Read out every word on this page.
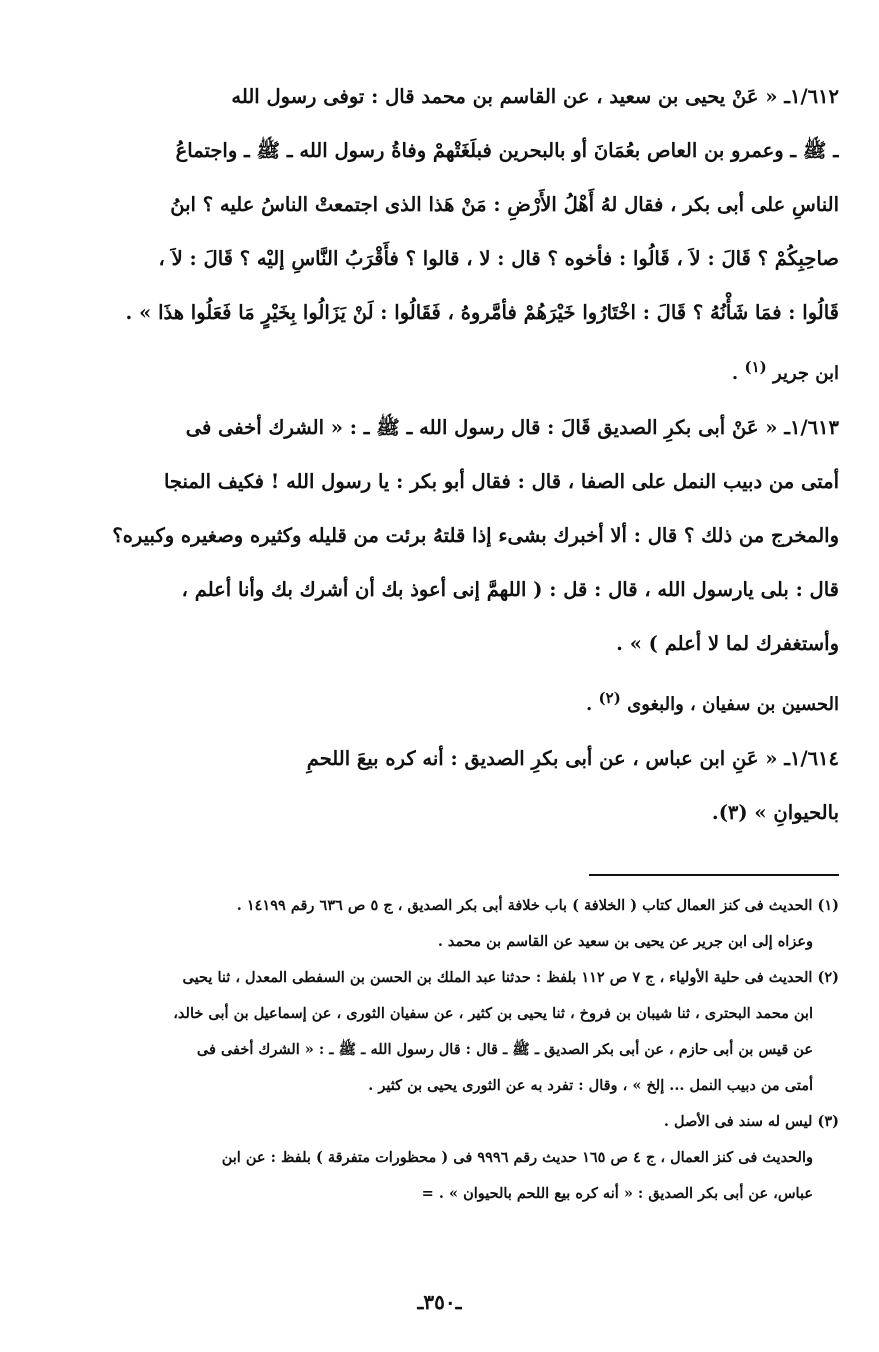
١/٦١٢ـ « عَنْ يحيى بن سعيد ، عن القاسم بن محمد قال : توفى رسول الله
ـ ﷺ ـ وعمرو بن العاص بعُمَانَ أو بالبحرين فبلَغَتْهمْ وفاةُ رسول الله ـ ﷺ ـ واجتماعُ
الناسِ على أبى بكر ، فقال لهُ أَهْلُ الأَرْضِ : مَنْ هَذا الذى اجتمعتْ الناسُ عليه ؟ ابنُ
صاحِبِكُمْ ؟ قَالَ : لاَ ، قَالُوا : فأخوه ؟ قال : لا ، قالوا ؟ فأَقْرَبُ النَّاسِ إليْه ؟ قَالَ : لاَ ،
قَالُوا : فمَا شَأْنُهُ ؟ قَالَ : اخْتَارُوا خَيْرَهُمْ فأمَّروهُ ، فَقَالُوا : لَنْ يَزَالُوا بِخَيْرٍ مَا فَعَلُوا هذَا » .
ابن جرير $^{(١)}$ .

١/٦١٣ـ « عَنْ أبى بكرِ الصديق قَالَ : قال رسول الله ـ ﷺ ـ : « الشرك أخفى فى
أمتى من دبيب النمل على الصفا ، قال : فقال أبو بكر : يا رسول الله ! فكيف المنجا
والمخرج من ذلك ؟ قال : ألا أخبرك بشىء إذا قلتهُ برئت من قليله وكثيره وصغيره وكبيره؟
قال : بلى يارسول الله ، قال : قل : ( اللهمَّ إنى أعوذ بك أن أشرك بك وأنا أعلم ،
وأستغفرك لما لا أعلم ) » .
الحسين بن سفيان ، والبغوى $^{(٢)}$ .

١/٦١٤ـ « عَنِ ابن عباس ، عن أبى بكرِ الصديق : أنه كره بيعَ اللحمِ
بالحيوانِ » (٣).

(١) الحديث فى كنز العمال كتاب ( الخلافة ) باب خلافة أبى بكر الصديق ، ج ٥ ص ٦٣٦ رقم ١٤١٩٩ .
وعزاه إلى ابن جرير عن يحيى بن سعيد عن القاسم بن محمد .
(٢) الحديث فى حلية الأولياء ، ج ٧ ص ١١٢ بلفظ : حدثنا عبد الملك بن الحسن بن السفطى المعدل ، ثنا يحيى
ابن محمد البحترى ، ثنا شيبان بن فروخ ، ثنا يحيى بن كثير ، عن سفيان الثورى ، عن إسماعيل بن أبى خالد،
عن قيس بن أبى حازم ، عن أبى بكر الصديق ـ ﷺ ـ قال : قال رسول الله ـ ﷺ ـ : « الشرك أخفى فى
أمتى من دبيب النمل ... إلخ » ، وقال : تفرد به عن الثورى يحيى بن كثير .
(٣) ليس له سند فى الأصل .
والحديث فى كنز العمال ، ج ٤ ص ١٦٥ حديث رقم ٩٩٩٦ فى ( محظورات متفرقة ) بلفظ : عن ابن
عباس، عن أبى بكر الصديق : « أنه كره بيع اللحم بالحيوان » . =
ـ٣٥٠ـ
